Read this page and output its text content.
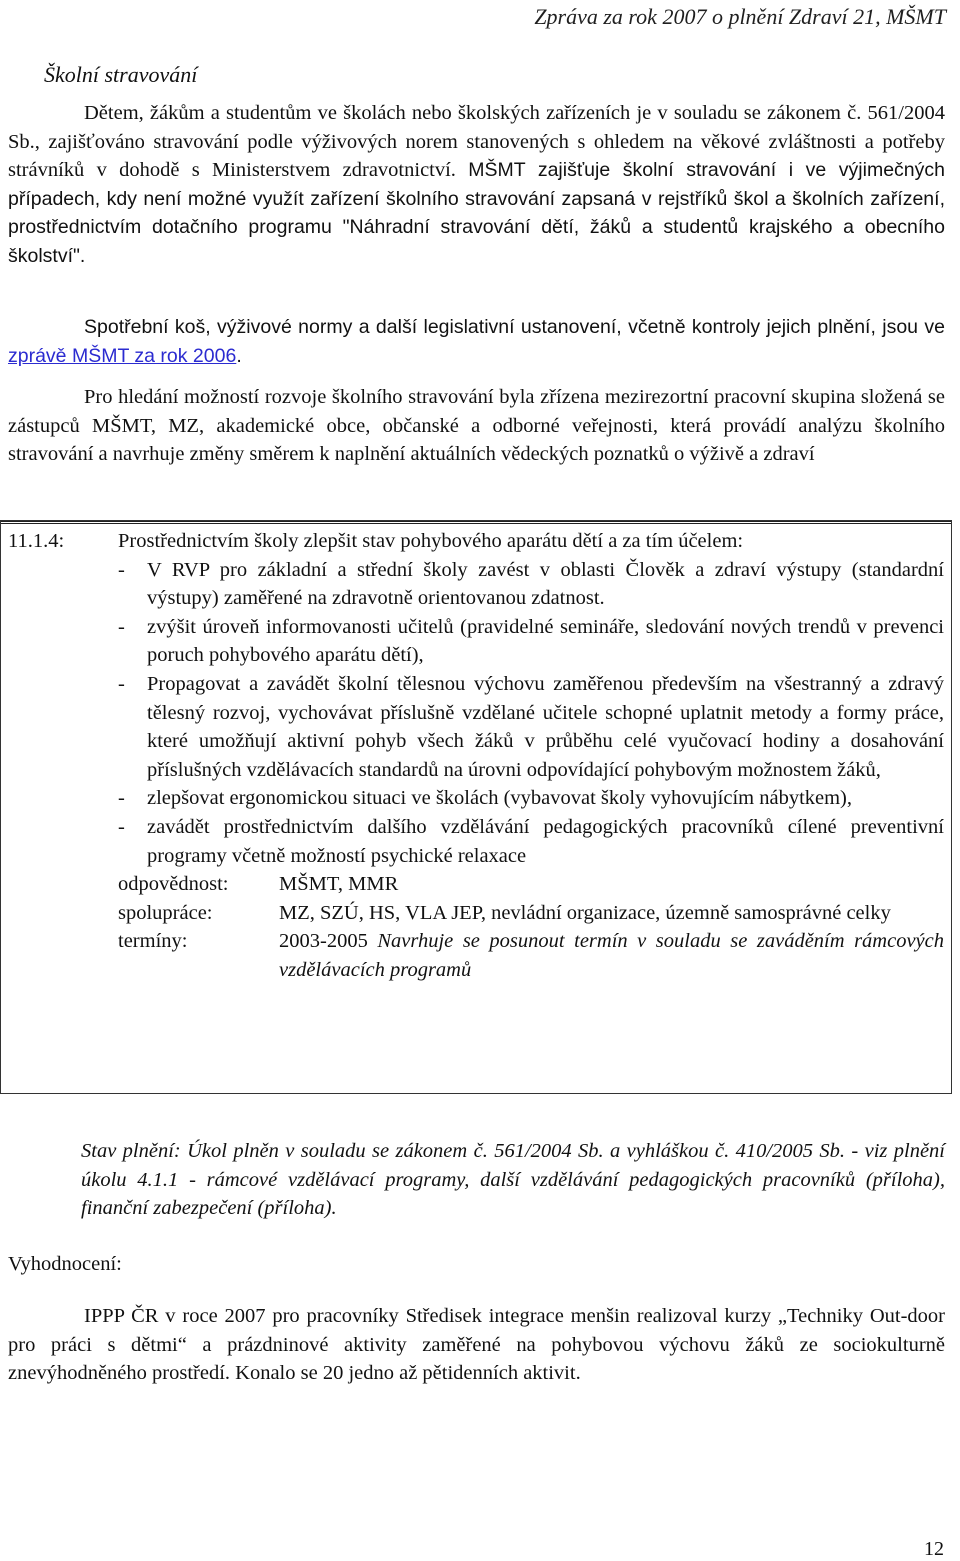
Zpráva za rok 2007 o plnění Zdraví 21, MŠMT
Školní stravování

Dětem, žákům a studentům ve školách nebo školských zařízeních je v souladu se zákonem č. 561/2004 Sb., zajišťováno stravování podle výživových norem stanovených s ohledem na věkové zvláštnosti a potřeby strávníků v dohodě s Ministerstvem zdravotnictví. MŠMT zajišťuje školní stravování i ve výjimečných případech, kdy není možné využít zařízení školního stravování zapsaná v rejstříků škol a školních zařízení, prostřednictvím dotačního programu "Náhradní stravování dětí, žáků a studentů krajského a obecního školství".

Spotřební koš, výživové normy a další legislativní ustanovení, včetně kontroly jejich plnění, jsou ve zprávě MŠMT za rok 2006.

Pro hledání možností rozvoje školního stravování byla zřízena mezirezortní pracovní skupina složená se zástupců MŠMT, MZ, akademické obce, občanské a odborné veřejnosti, která provádí analýzu školního stravování a navrhuje změny směrem k naplnění aktuálních vědeckých poznatků o výživě a zdraví

11.1.4:	Prostřednictvím školy zlepšit stav pohybového aparátu dětí a za tím účelem:

- V RVP pro základní a střední školy zavést v oblasti Člověk a zdraví výstupy (standardní výstupy) zaměřené na zdravotně orientovanou zdatnost.
- zvýšit úroveň informovanosti učitelů (pravidelné semináře, sledování nových trendů v prevenci poruch pohybového aparátu dětí),
- Propagovat a zavádět školní tělesnou výchovu zaměřenou především na všestranný a zdravý tělesný rozvoj, vychovávat příslušně vzdělané učitele schopné uplatnit metody a formy práce, které umožňují aktivní pohyb všech žáků v průběhu celé vyučovací hodiny a dosahování příslušných vzdělávacích standardů na úrovni odpovídající pohybovým možnostem žáků,
- zlepšovat ergonomickou situaci ve školách (vybavovat školy vyhovujícím nábytkem),
- zavádět prostřednictvím dalšího vzdělávání pedagogických pracovníků cílené preventivní programy včetně možností psychické relaxace
odpovědnost:	MŠMT, MMR
spolupráce:	MZ, SZÚ, HS, VLA JEP, nevládní organizace, územně samosprávné celky
termíny:	2003-2005 Navrhuje se posunout termín v souladu se zaváděním rámcových vzdělávacích programů

Stav plnění: Úkol plněn v souladu se zákonem č. 561/2004 Sb. a vyhláškou č. 410/2005 Sb. - viz plnění úkolu 4.1.1 - rámcové vzdělávací programy, další vzdělávání pedagogických pracovníků (příloha), finanční zabezpečení (příloha).

Vyhodnocení:

IPPP ČR v roce 2007 pro pracovníky Středisek integrace menšin realizoval kurzy „Techniky Out-door pro práci s dětmi“ a prázdninové aktivity zaměřené na pohybovou výchovu žáků ze sociokulturně znevýhodněného prostředí. Konalo se 20 jedno až pětidenních aktivit.

12
